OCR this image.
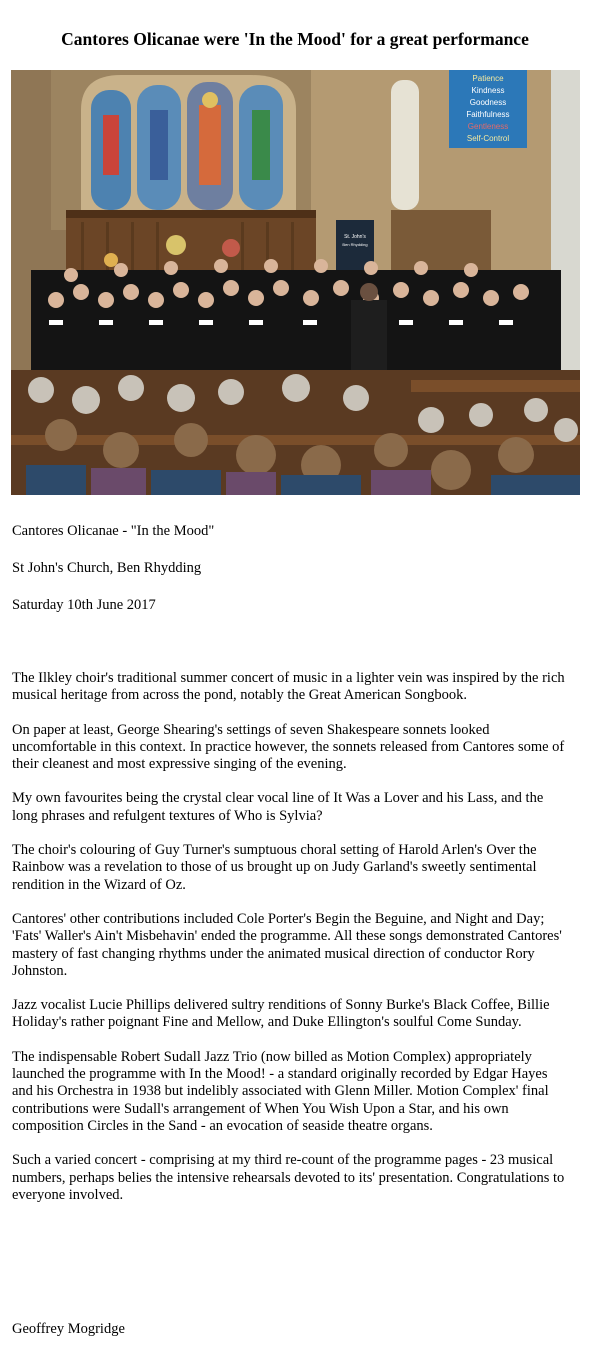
Cantores Olicanae were 'In the Mood' for a great performance
Patience
Kindness
Goodness
Faithfulness
Gentleness
Self-Control
St. John's
Ben Rhydding

Cantores Olicanae - "In the Mood"

St John's Church, Ben Rhydding

Saturday 10th June 2017

The Ilkley choir's traditional summer concert of music in a lighter vein was inspired by the rich musical heritage from across the pond, notably the Great American Songbook.

On paper at least, George Shearing's settings of seven Shakespeare sonnets looked uncomfortable in this context. In practice however, the sonnets released from Cantores some of their cleanest and most expressive singing of the evening.

My own favourites being the crystal clear vocal line of It Was a Lover and his Lass, and the long phrases and refulgent textures of Who is Sylvia?

The choir's colouring of Guy Turner's sumptuous choral setting of Harold Arlen's Over the Rainbow was a revelation to those of us brought up on Judy Garland's sweetly sentimental rendition in the Wizard of Oz.

Cantores' other contributions included Cole Porter's Begin the Beguine, and Night and Day; 'Fats' Waller's Ain't Misbehavin' ended the programme. All these songs demonstrated Cantores' mastery of fast changing rhythms under the animated musical direction of conductor Rory Johnston.

Jazz vocalist Lucie Phillips delivered sultry renditions of Sonny Burke's Black Coffee, Billie Holiday's rather poignant Fine and Mellow, and Duke Ellington's soulful Come Sunday.

The indispensable Robert Sudall Jazz Trio (now billed as Motion Complex) appropriately launched the programme with In the Mood! - a standard originally recorded by Edgar Hayes and his Orchestra in 1938 but indelibly associated with Glenn Miller. Motion Complex' final contributions were Sudall's arrangement of When You Wish Upon a Star, and his own composition Circles in the Sand - an evocation of seaside theatre organs.

Such a varied concert - comprising at my third re-count of the programme pages - 23 musical numbers, perhaps belies the intensive rehearsals devoted to its' presentation. Congratulations to everyone involved.

Geoffrey Mogridge
